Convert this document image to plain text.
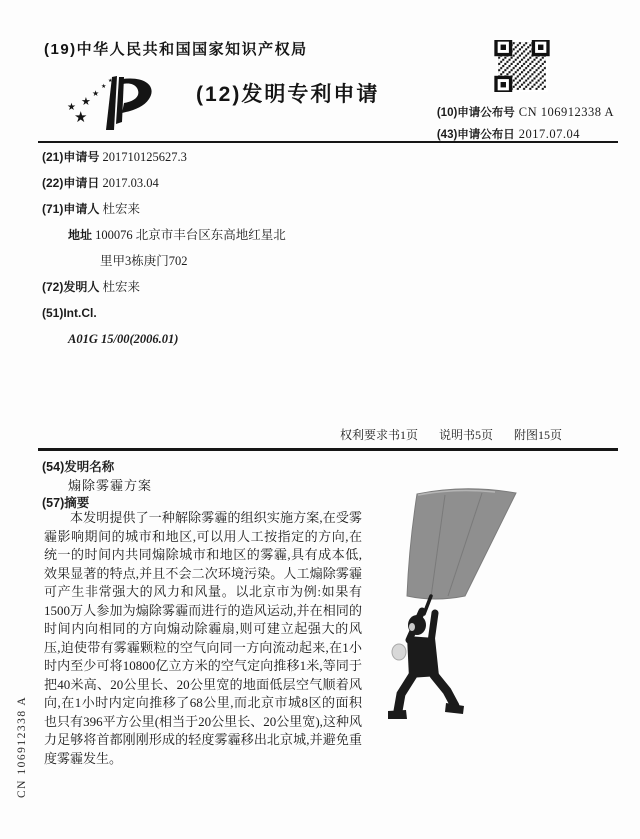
(19)中华人民共和国国家知识产权局
★
★ ★
★
★
★
(12)发明专利申请
(10)申请公布号 CN 106912338 A
(43)申请公布日 2017.07.04
(21)申请号 201710125627.3
(22)申请日 2017.03.04
(71)申请人 杜宏来
地址 100076 北京市丰台区东高地红星北
里甲3栋庚门702
(72)发明人 杜宏来
(51)Int.Cl.
A01G 15/00(2006.01)
权利要求书1页 说明书5页 附图15页
(54)发明名称
煽除雾霾方案
(57)摘要
本发明提供了一种解除雾霾的组织实施方案,在受雾霾影响期间的城市和地区,可以用人工按指定的方向,在统一的时间内共同煽除城市和地区的雾霾,具有成本低,效果显著的特点,并且不会二次环境污染。人工煽除雾霾可产生非常强大的风力和风量。以北京市为例:如果有1500万人参加为煽除雾霾而进行的造风运动,并在相同的时间内向相同的方向煽动除霾扇,则可建立起强大的风压,迫使带有雾霾颗粒的空气向同一方向流动起来,在1小时内至少可将10800亿立方米的空气定向推移1米,等同于把40米高、20公里长、20公里宽的地面低层空气顺着风向,在1小时内定向推移了68公里,而北京市城8区的面积也只有396平方公里(相当于20公里长、20公里宽),这种风力足够将首都刚刚形成的轻度雾霾移出北京城,并避免重度雾霾发生。
CN 106912338 A
